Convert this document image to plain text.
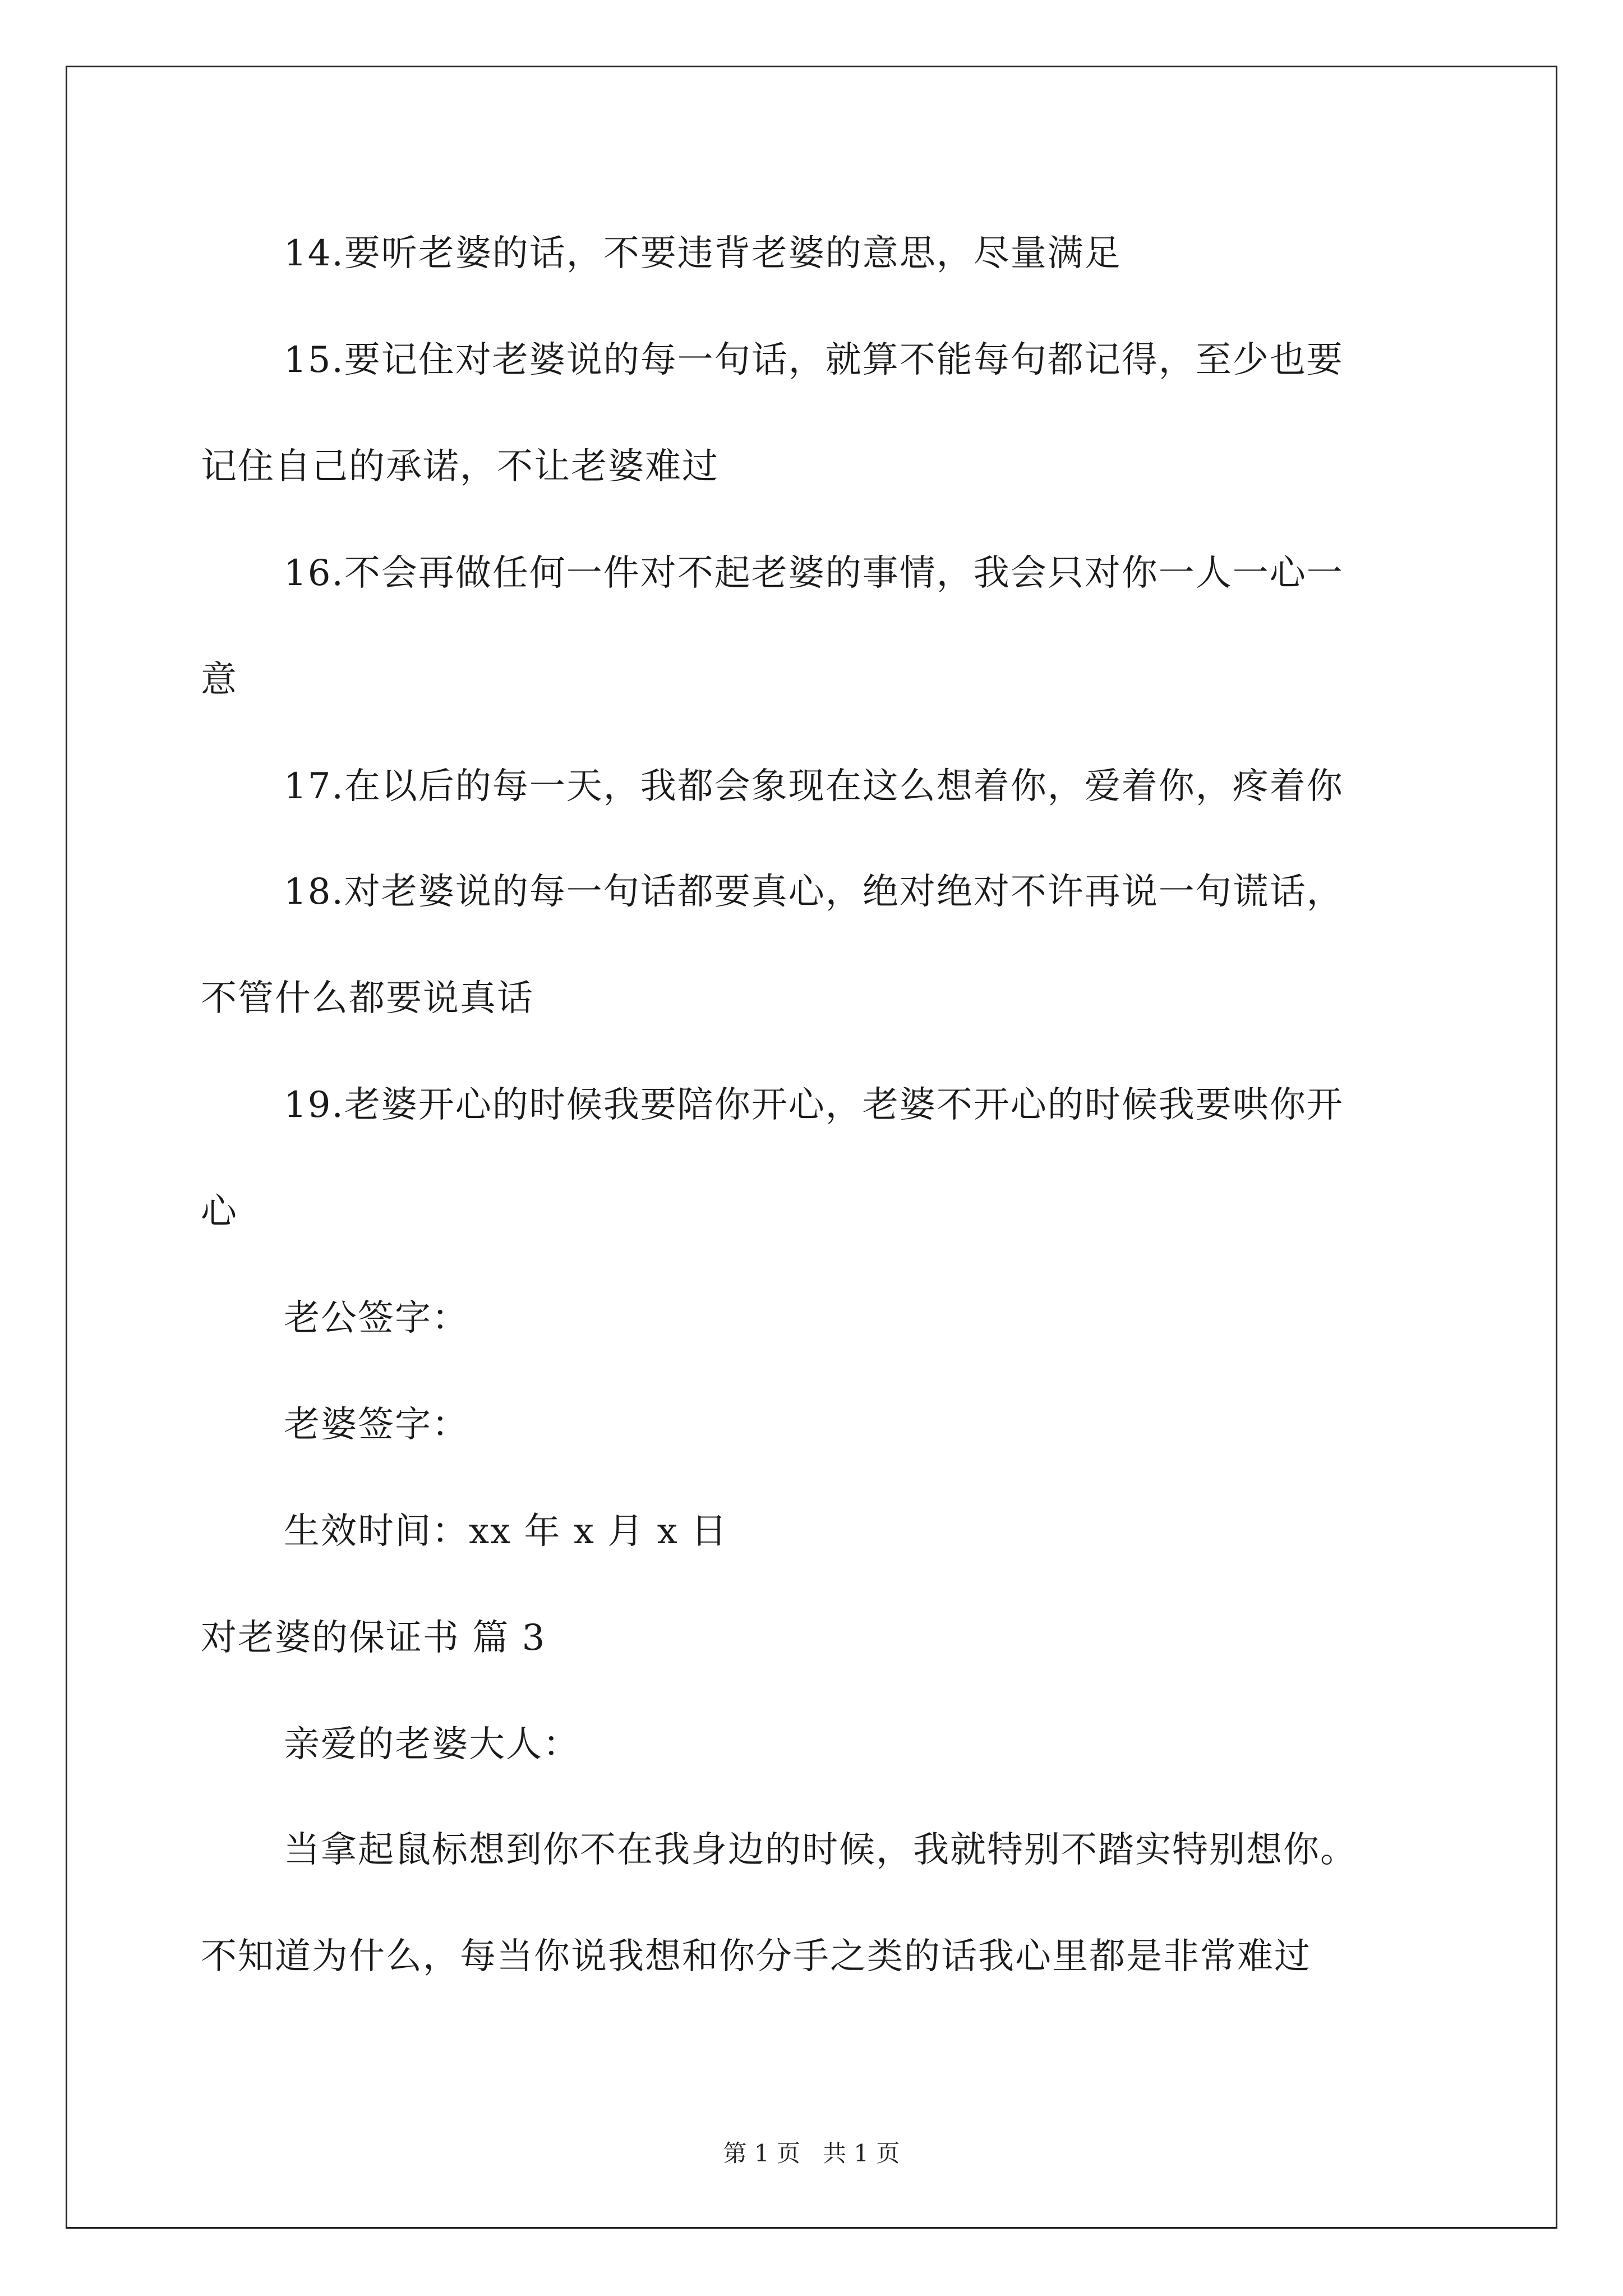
14.要听老婆的话，不要违背老婆的意思，尽量满足
15.要记住对老婆说的每一句话，就算不能每句都记得，至少也要
记住自己的承诺，不让老婆难过
16.不会再做任何一件对不起老婆的事情，我会只对你一人一心一
意
17.在以后的每一天，我都会象现在这么想着你，爱着你，疼着你
18.对老婆说的每一句话都要真心，绝对绝对不许再说一句谎话，
不管什么都要说真话
19.老婆开心的时候我要陪你开心，老婆不开心的时候我要哄你开
心
老公签字：
老婆签字：
生效时间：xx 年 x 月 x 日
对老婆的保证书 篇 3
亲爱的老婆大人：
当拿起鼠标想到你不在我身边的时候，我就特别不踏实特别想你。
不知道为什么，每当你说我想和你分手之类的话我心里都是非常难过
第 1 页 共 1 页
